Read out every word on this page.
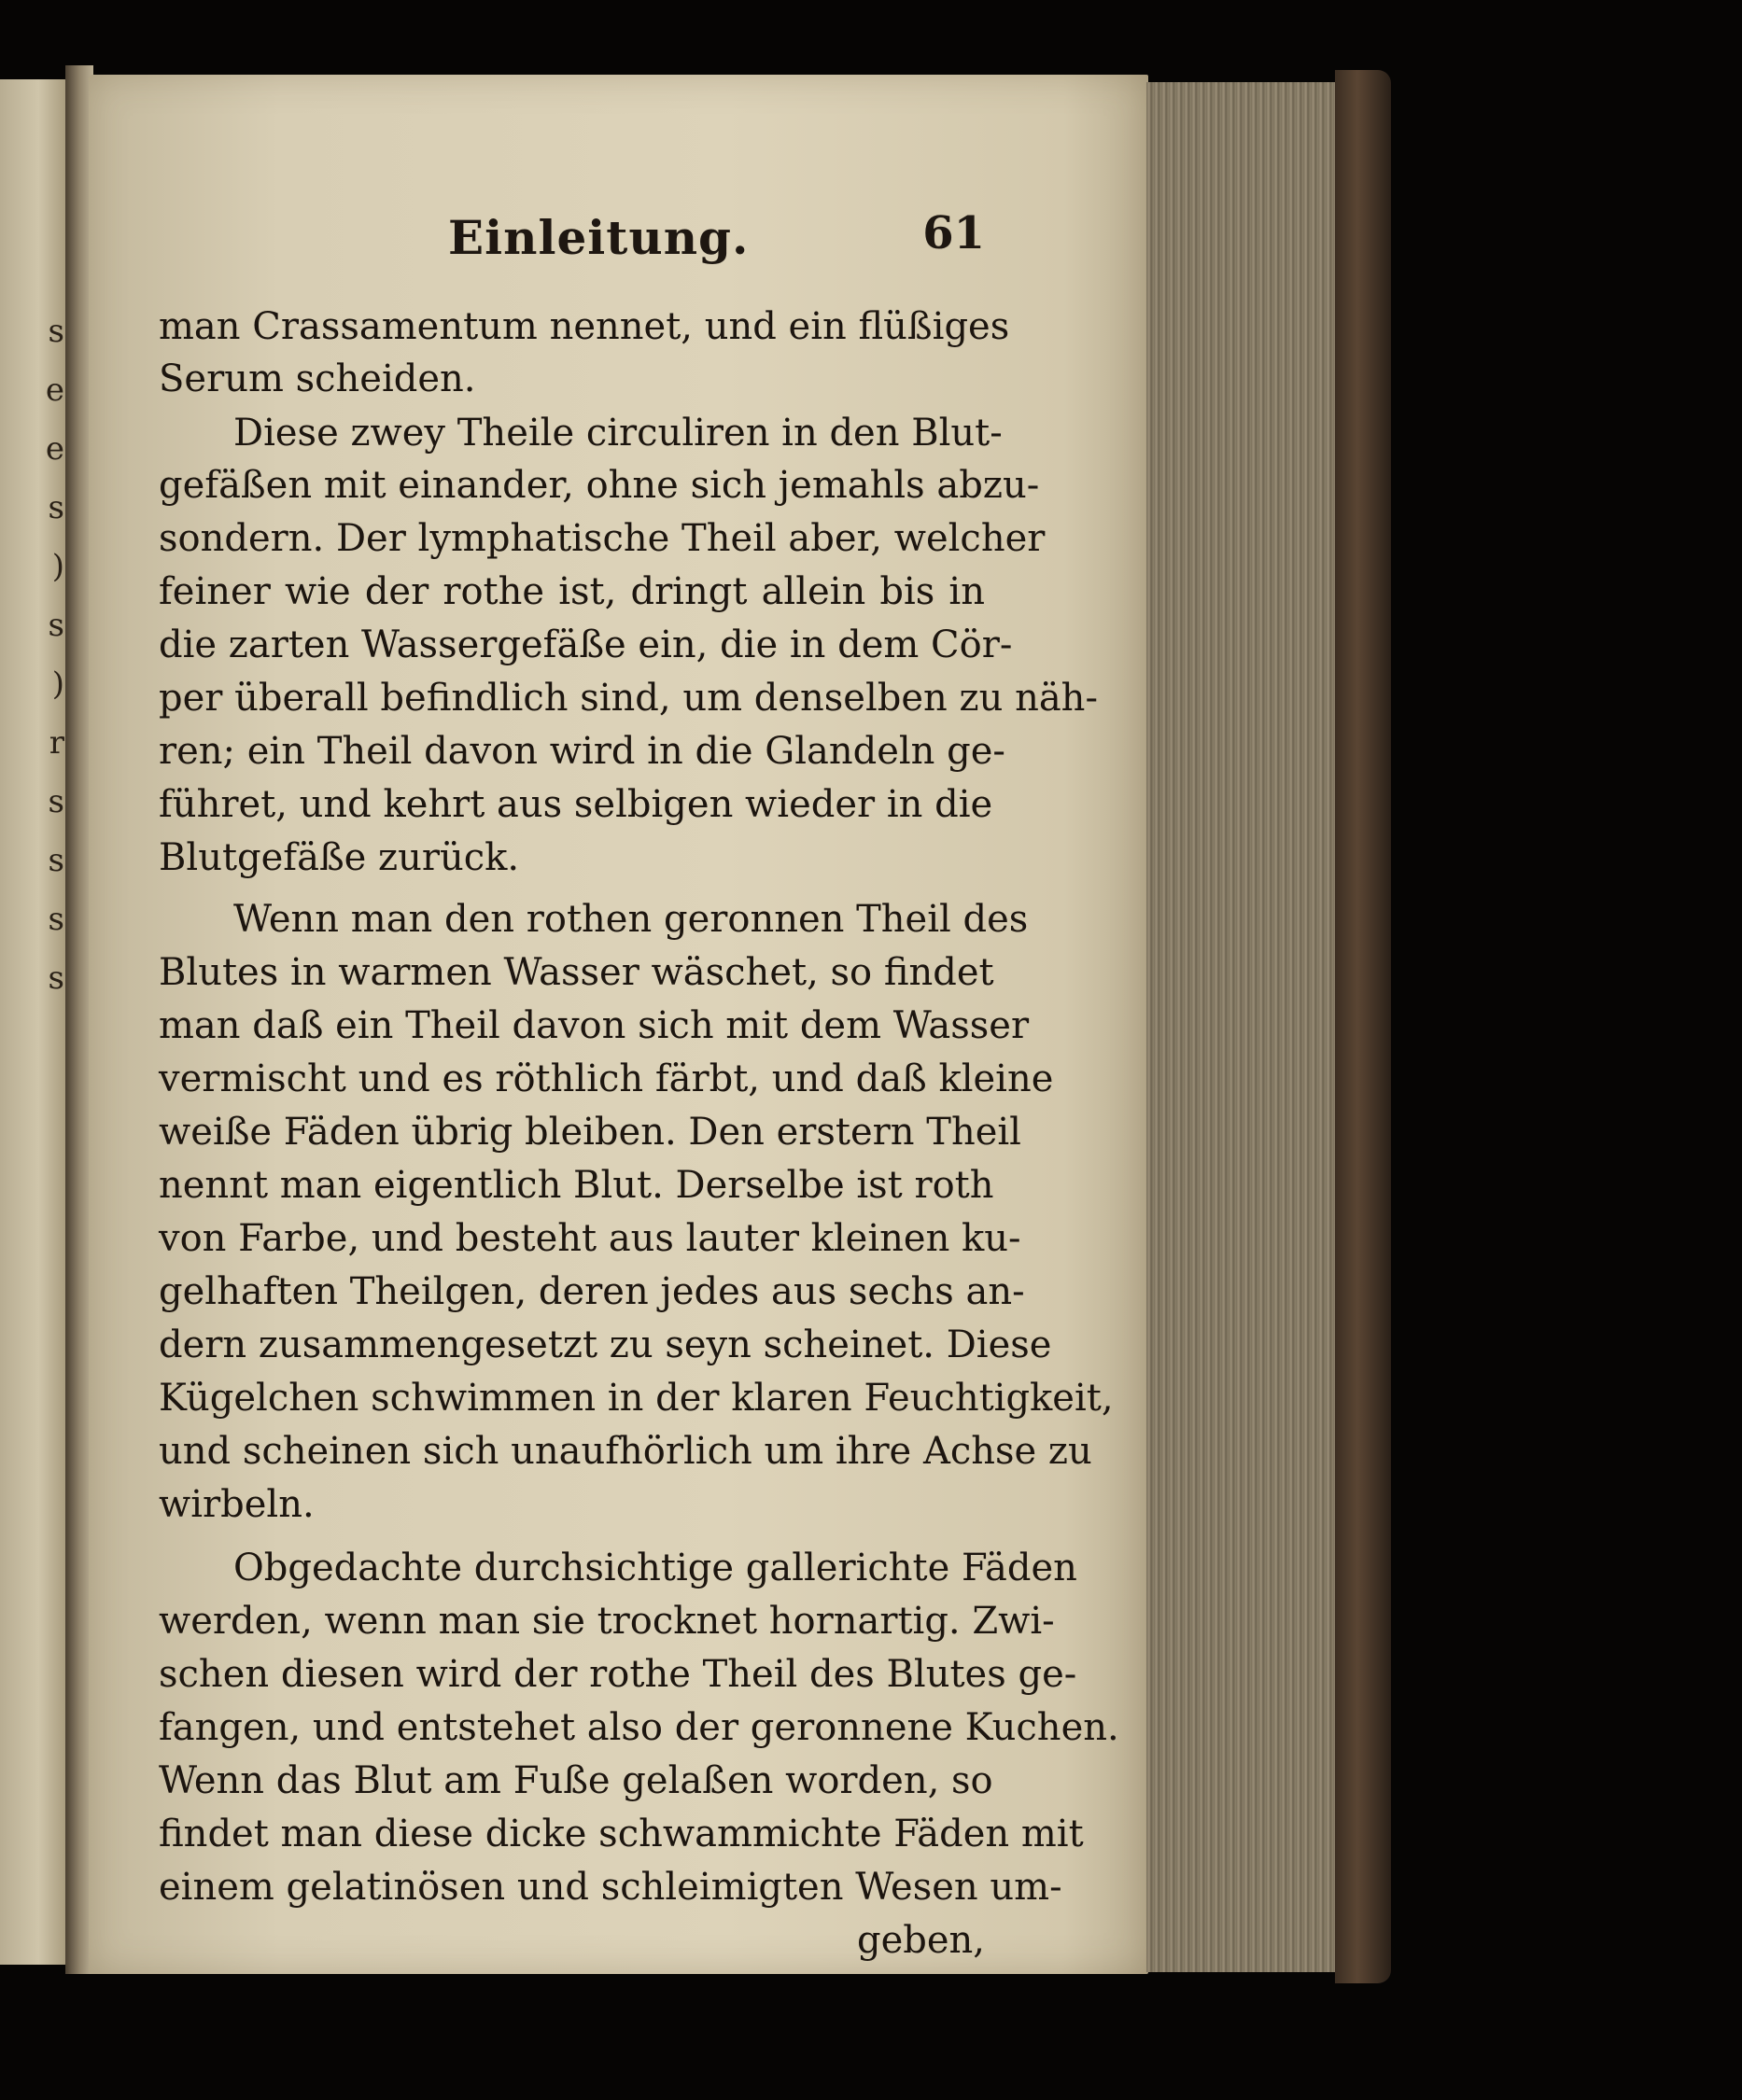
s
e
e
s
)
s
)
r
s
s
s
s
Einleitung.	61
man Crassamentum nennet, und ein flüßiges
Serum scheiden.
Diese zwey Theile circuliren in den Blut-
gefäßen mit einander, ohne sich jemahls abzu-
sondern. Der lymphatische Theil aber, welcher
feiner wie der rothe ist, dringt allein bis in
die zarten Wassergefäße ein, die in dem Cör-
per überall befindlich sind, um denselben zu näh-
ren; ein Theil davon wird in die Glandeln ge-
führet, und kehrt aus selbigen wieder in die
Blutgefäße zurück.
Wenn man den rothen geronnen Theil des
Blutes in warmen Wasser wäschet, so findet
man daß ein Theil davon sich mit dem Wasser
vermischt und es röthlich färbt, und daß kleine
weiße Fäden übrig bleiben. Den erstern Theil
nennt man eigentlich Blut. Derselbe ist roth
von Farbe, und besteht aus lauter kleinen ku-
gelhaften Theilgen, deren jedes aus sechs an-
dern zusammengesetzt zu seyn scheinet. Diese
Kügelchen schwimmen in der klaren Feuchtigkeit,
und scheinen sich unaufhörlich um ihre Achse zu
wirbeln.
Obgedachte durchsichtige gallerichte Fäden
werden, wenn man sie trocknet hornartig. Zwi-
schen diesen wird der rothe Theil des Blutes ge-
fangen, und entstehet also der geronnene Kuchen.
Wenn das Blut am Fuße gelaßen worden, so
findet man diese dicke schwammichte Fäden mit
einem gelatinösen und schleimigten Wesen um-
geben,
